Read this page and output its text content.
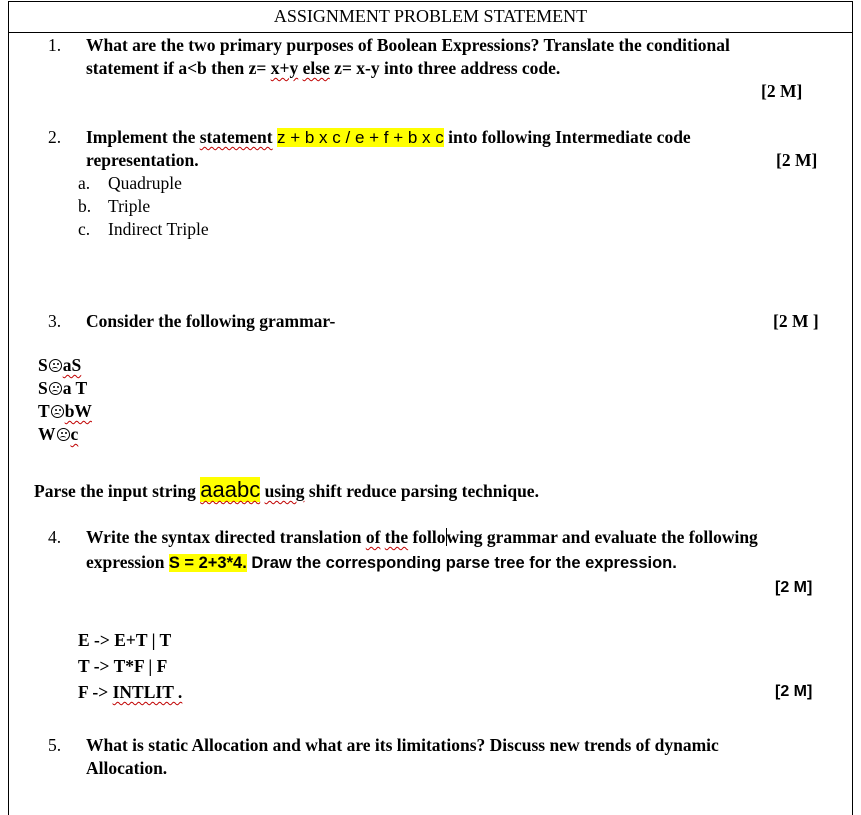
ASSIGNMENT PROBLEM STATEMENT
1. What are the two primary purposes of Boolean Expressions? Translate the conditional
statement if a<b then z= x+y else z= x-y into three address code.
[2 M]
2. Implement the statement z + b x c / e + f + b x c into following Intermediate code
representation.	[2 M]
a. Quadruple
b. Triple
c. Indirect Triple
3. Consider the following grammar-	[2 M ]
S aS
S a T
T bW
W c
Parse the input string aaabc using shift reduce parsing technique.
4. Write the syntax directed translation of the following grammar and evaluate the following
expression S = 2+3*4. Draw the corresponding parse tree for the expression.
[2 M]
E -> E+T | T
T -> T*F | F
F -> INTLIT .	[2 M]
5. What is static Allocation and what are its limitations? Discuss new trends of dynamic
Allocation.
